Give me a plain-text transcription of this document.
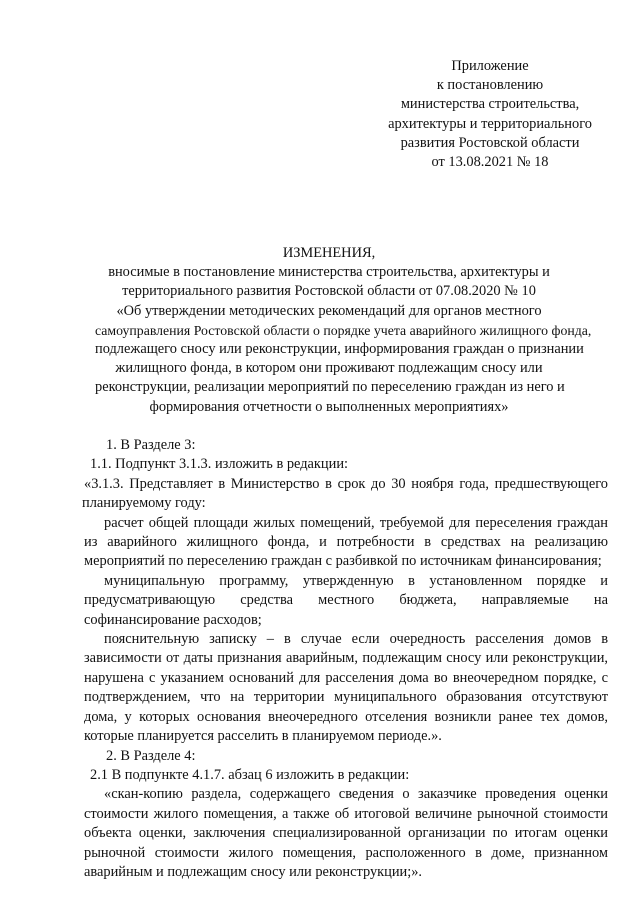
Приложение
к постановлению
министерства строительства,
архитектуры и территориального
развития Ростовской области
от 13.08.2021 № 18
ИЗМЕНЕНИЯ,
вносимые в постановление министерства строительства, архитектуры и
территориального развития Ростовской области от 07.08.2020 № 10
«Об утверждении методических рекомендаций для органов местного
самоуправления Ростовской области о порядке учета аварийного жилищного фонда,
подлежащего сносу или реконструкции, информирования граждан о признании
жилищного фонда, в котором они проживают подлежащим сносу или
реконструкции, реализации мероприятий по переселению граждан из него и
формирования отчетности о выполненных мероприятиях»

1. В Разделе 3:

1.1. Подпункт 3.1.3. изложить в редакции:

«3.1.3. Представляет в Министерство в срок до 30 ноября года, предшествующего планируемому году:

расчет общей площади жилых помещений, требуемой для переселения граждан из аварийного жилищного фонда, и потребности в средствах на реализацию мероприятий по переселению граждан с разбивкой по источникам финансирования;

муниципальную программу, утвержденную в установленном порядке и предусматривающую средства местного бюджета, направляемые на софинансирование расходов;

пояснительную записку – в случае если очередность расселения домов в зависимости от даты признания аварийным, подлежащим сносу или реконструкции, нарушена с указанием оснований для расселения дома во внеочередном порядке, с подтверждением, что на территории муниципального образования отсутствуют дома, у которых основания внеочередного отселения возникли ранее тех домов, которые планируется расселить в планируемом периоде.».

2. В Разделе 4:

2.1 В подпункте 4.1.7. абзац 6 изложить в редакции:

«скан-копию раздела, содержащего сведения о заказчике проведения оценки стоимости жилого помещения, а также об итоговой величине рыночной стоимости объекта оценки, заключения специализированной организации по итогам оценки рыночной стоимости жилого помещения, расположенного в доме, признанном аварийным и подлежащим сносу или реконструкции;».
